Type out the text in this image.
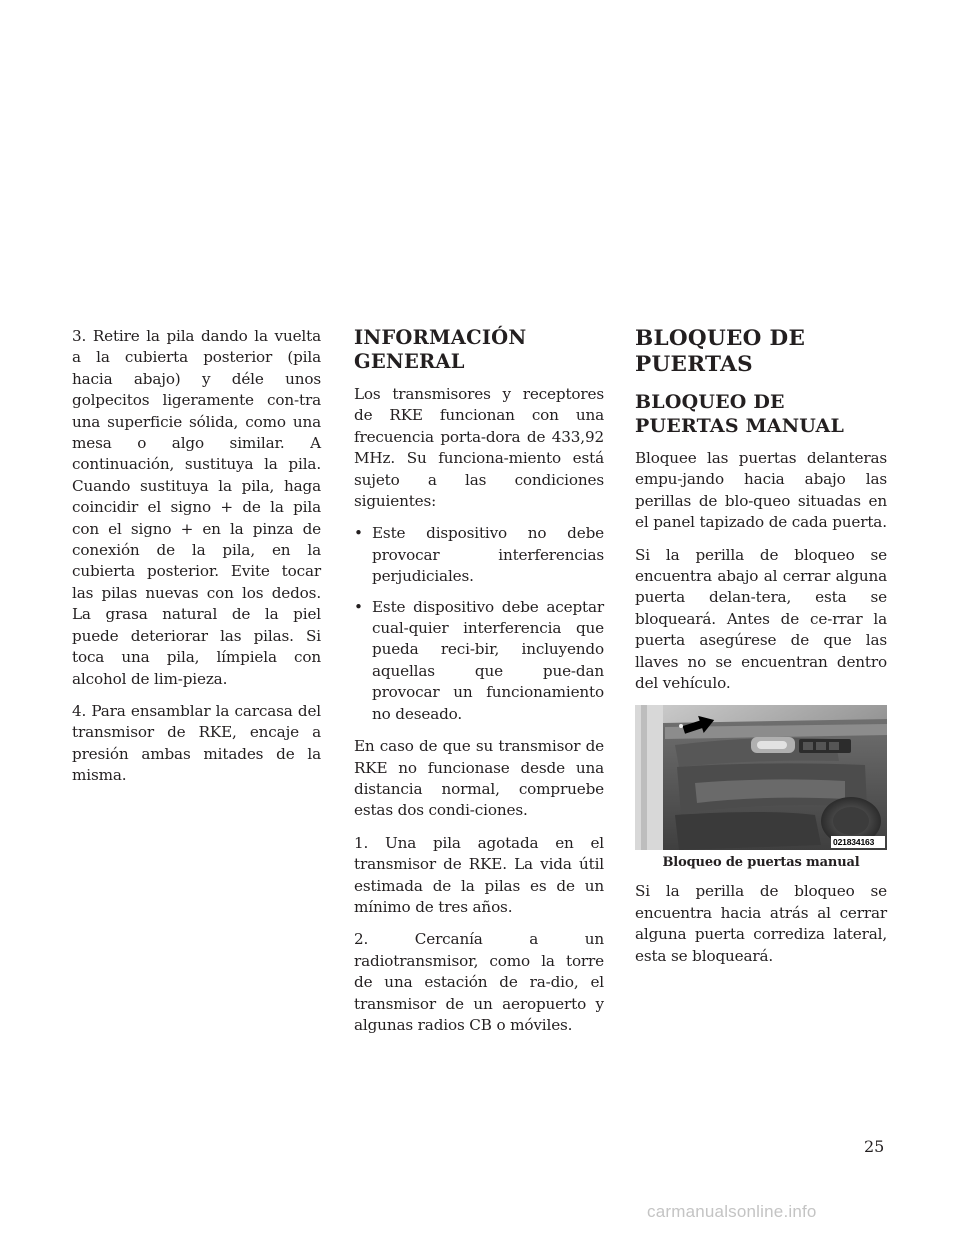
3. Retire la pila dando la vuelta a la cubierta posterior (pila hacia abajo) y déle unos golpecitos ligeramente con-tra una superficie sólida, como una mesa o algo similar. A continuación, sustituya la pila. Cuando sustituya la pila, haga coincidir el signo + de la pila con el signo + en la pinza de conexión de la pila, en la cubierta posterior. Evite tocar las pilas nuevas con los dedos. La grasa natural de la piel puede deteriorar las pilas. Si toca una pila, límpiela con alcohol de lim-pieza.

4. Para ensamblar la carcasa del transmisor de RKE, encaje a presión ambas mitades de la misma.

INFORMACIÓN GENERAL

Los transmisores y receptores de RKE funcionan con una frecuencia porta-dora de 433,92 MHz. Su funciona-miento está sujeto a las condiciones siguientes:

• Este dispositivo no debe provocar interferencias perjudiciales.
• Este dispositivo debe aceptar cual-quier interferencia que pueda reci-bir, incluyendo aquellas que pue-dan provocar un funcionamiento no deseado.

En caso de que su transmisor de RKE no funcionase desde una distancia normal, compruebe estas dos condi-ciones.

1. Una pila agotada en el transmisor de RKE. La vida útil estimada de la pilas es de un mínimo de tres años.

2. Cercanía a un radiotransmisor, como la torre de una estación de ra-dio, el transmisor de un aeropuerto y algunas radios CB o móviles.

BLOQUEO DE PUERTAS
BLOQUEO DE PUERTAS MANUAL

Bloquee las puertas delanteras empu-jando hacia abajo las perillas de blo-queo situadas en el panel tapizado de cada puerta.

Si la perilla de bloqueo se encuentra abajo al cerrar alguna puerta delan-tera, esta se bloqueará. Antes de ce-rrar la puerta asegúrese de que las llaves no se encuentran dentro del vehículo.

021834163
Bloqueo de puertas manual

Si la perilla de bloqueo se encuentra hacia atrás al cerrar alguna puerta corrediza lateral, esta se bloqueará.

25
carmanualsonline.info
